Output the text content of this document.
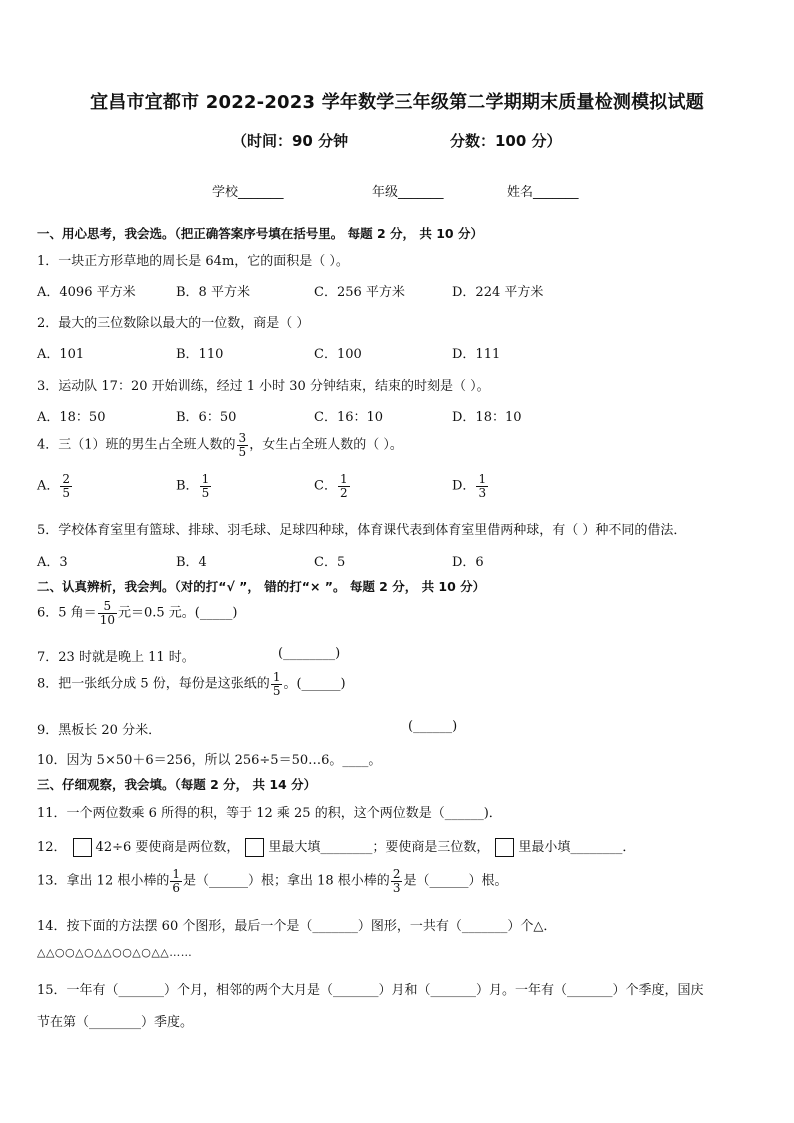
宜昌市宜都市 2022-2023 学年数学三年级第二学期期末质量检测模拟试题
（时间：90 分钟	分数：100 分）
学校_______	年级_______	姓名_______
一、用心思考，我会选。（把正确答案序号填在括号里。 每题 2 分， 共 10 分）
1．一块正方形草地的周长是 64m，它的面积是（ ）。
A．4096 平方米	B．8 平方米	C．256 平方米	D．224 平方米
2．最大的三位数除以最大的一位数，商是（ ）
A．101	B．110	C．100	D．111
3．运动队 17：20 开始训练，经过 1 小时 30 分钟结束，结束的时刻是（ ）。
A．18：50	B．6：50	C．16：10	D．18：10
4．三（1）班的男生占全班人数的 $\frac{3}{5}$ ，女生占全班人数的（ ）。
A． $\frac{2}{5}$	B． $\frac{1}{5}$	C． $\frac{1}{2}$	D． $\frac{1}{3}$
5．学校体育室里有篮球、排球、羽毛球、足球四种球，体育课代表到体育室里借两种球，有（ ）种不同的借法．
A．3	B．4	C．5	D．6
二、认真辨析，我会判。（对的打“√ ”， 错的打“× ”。 每题 2 分， 共 10 分）
6．5 角＝ $\frac{5}{10}$ 元＝0.5 元。(_____)
7．23 时就是晚上 11 时。	(________)
8．把一张纸分成 5 份，每份是这张纸的 $\frac{1}{5}$ 。(______)
9．黑板长 20 分米．	(______)
10．因为 5×50＋6＝256，所以 256÷5＝50…6。____。
三、仔细观察，我会填。（每题 2 分， 共 14 分）
11．一个两位数乘 6 所得的积，等于 12 乘 25 的积，这个两位数是（______)．
12． 42÷6 要使商是两位数， 里最大填________；要使商是三位数， 里最小填________．
13．拿出 12 根小棒的 $\frac{1}{6}$ 是（______）根；拿出 18 根小棒的 $\frac{2}{3}$ 是（______）根。
14．按下面的方法摆 60 个图形，最后一个是（_______）图形，一共有（_______）个△．
△△○○△○△△○○△○△△……
15．一年有（_______）个月，相邻的两个大月是（_______）月和（_______）月。一年有（_______）个季度，国庆
节在第（________）季度。
